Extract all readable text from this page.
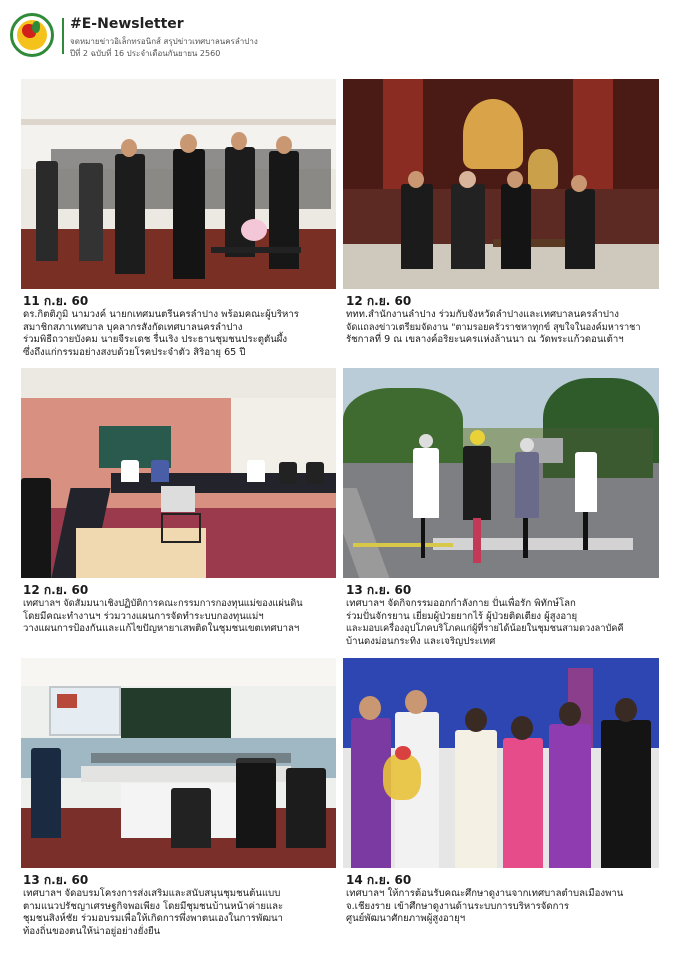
#E-Newsletter
จดหมายข่าวอิเล็กทรอนิกส์ สรุปข่าวเทศบาลนครลำปาง
ปีที่ 2 ฉบับที่ 16 ประจำเดือนกันยายน 2560
11 ก.ย. 60
ดร.กิตติภูมิ นามวงค์ นายกเทศมนตรีนครลำปาง พร้อมคณะผู้บริหาร
สมาชิกสภาเทศบาล บุคลากรสังกัดเทศบาลนครลำปาง
ร่วมพิธีถวายบังคม นายจีระเดช รื่นเริง ประธานชุมชนประตูตันผึ้ง
ซึ่งถึงแก่กรรมอย่างสงบด้วยโรคประจำตัว สิริอายุ 65 ปี
12 ก.ย. 60
ททท.สำนักงานลำปาง ร่วมกับจังหวัดลำปางและเทศบาลนครลำปาง
จัดแถลงข่าวเตรียมจัดงาน "ตามรอยครัวราชหาทุกข์ สุขใจในองค์มหาราชา
รัชกาลที่ 9 ณ เขลางค์อริยะนครแห่งล้านนา ณ วัดพระแก้วดอนเต้าฯ
12 ก.ย. 60
เทศบาลฯ จัดสัมมนาเชิงปฏิบัติการคณะกรรมการกองทุนแม่ของแผ่นดิน
โดยมีคณะทำงานฯ ร่วมวางแผนการจัดทำระบบกองทุนแม่ฯ
วางแผนการป้องกันและแก้ไขปัญหายาเสพติดในชุมชนเขตเทศบาลฯ
13 ก.ย. 60
เทศบาลฯ จัดกิจกรรมออกกำลังกาย ปั่นเพื่อรัก พิทักษ์โลก
ร่วมปั่นจักรยาน เยี่ยมผู้ป่วยยากไร้ ผู้ป่วยติดเตียง ผู้สูงอายุ
และมอบเครื่องอุปโภคบริโภคแก่ผู้ที่รายได้น้อยในชุมชนสามดวงลาบัคคี
บ้านดงม่อนกระทิง และเจริญประเทศ
13 ก.ย. 60
เทศบาลฯ จัดอบรมโครงการส่งเสริมและสนับสนุนชุมชนต้นแบบ
ตามแนวปรัชญาเศรษฐกิจพอเพียง โดยมีชุมชนบ้านหน้าค่ายและ
ชุมชนสิงห์ชัย ร่วมอบรมเพื่อให้เกิดการพึ่งพาตนเองในการพัฒนา
ท้องถิ่นของตนให้น่าอยู่อย่างยั่งยืน
14 ก.ย. 60
เทศบาลฯ ให้การต้อนรับคณะศึกษาดูงานจากเทศบาลตำบลเมืองพาน
จ.เชียงราย เข้าศึกษาดูงานด้านระบบการบริหารจัดการ
ศูนย์พัฒนาศักยภาพผู้สูงอายุฯ
